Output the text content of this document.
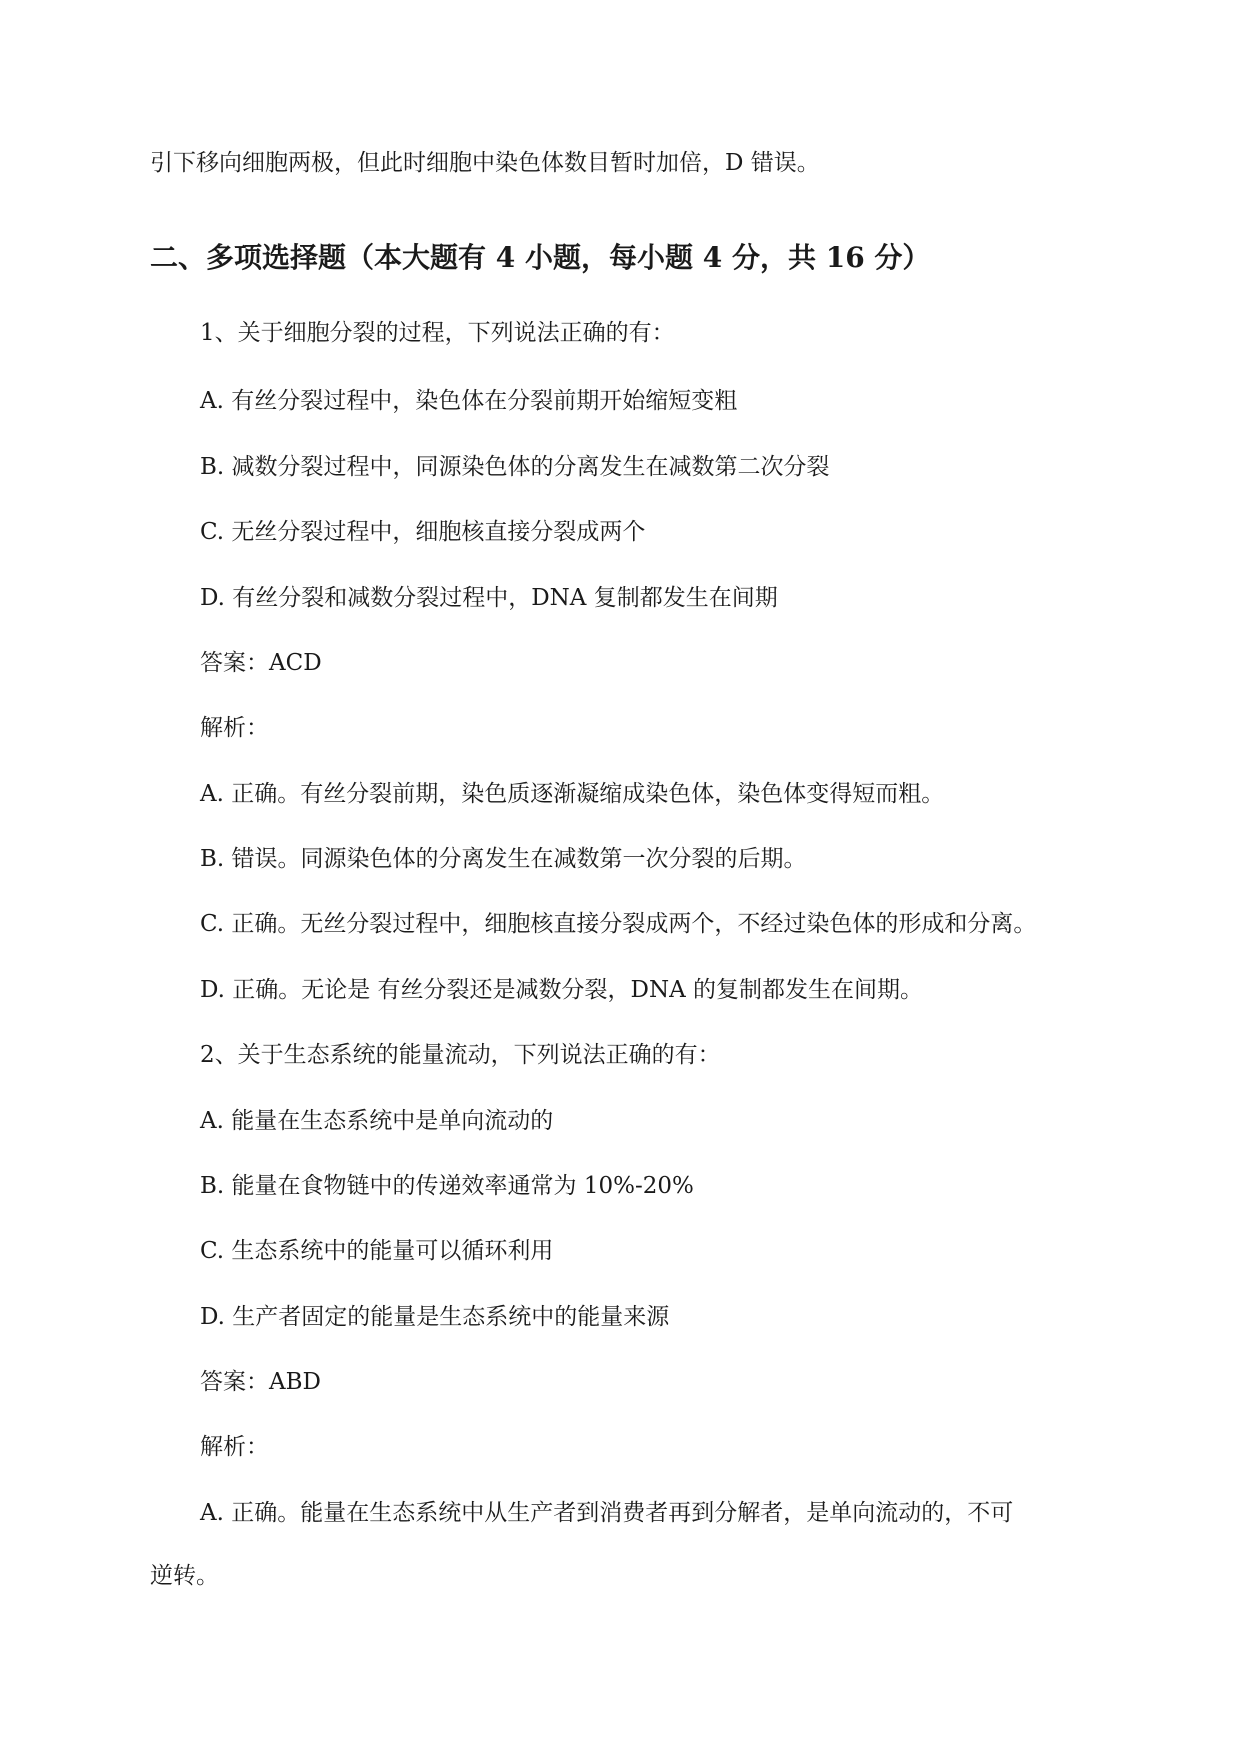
引下移向细胞两极，但此时细胞中染色体数目暂时加倍，D 错误。
二、多项选择题（本大题有 4 小题，每小题 4 分，共 16 分）
1、关于细胞分裂的过程，下列说法正确的有：
A. 有丝分裂过程中，染色体在分裂前期开始缩短变粗
B. 减数分裂过程中，同源染色体的分离发生在减数第二次分裂
C. 无丝分裂过程中，细胞核直接分裂成两个
D. 有丝分裂和减数分裂过程中，DNA 复制都发生在间期
答案：ACD
解析：
A. 正确。有丝分裂前期，染色质逐渐凝缩成染色体，染色体变得短而粗。
B. 错误。同源染色体的分离发生在减数第一次分裂的后期。
C. 正确。无丝分裂过程中，细胞核直接分裂成两个，不经过染色体的形成和分离。
D. 正确。无论是 有丝分裂还是减数分裂，DNA 的复制都发生在间期。
2、关于生态系统的能量流动，下列说法正确的有：
A. 能量在生态系统中是单向流动的
B. 能量在食物链中的传递效率通常为 10%-20%
C. 生态系统中的能量可以循环利用
D. 生产者固定的能量是生态系统中的能量来源
答案：ABD
解析：
A. 正确。能量在生态系统中从生产者到消费者再到分解者，是单向流动的，不可
逆转。
